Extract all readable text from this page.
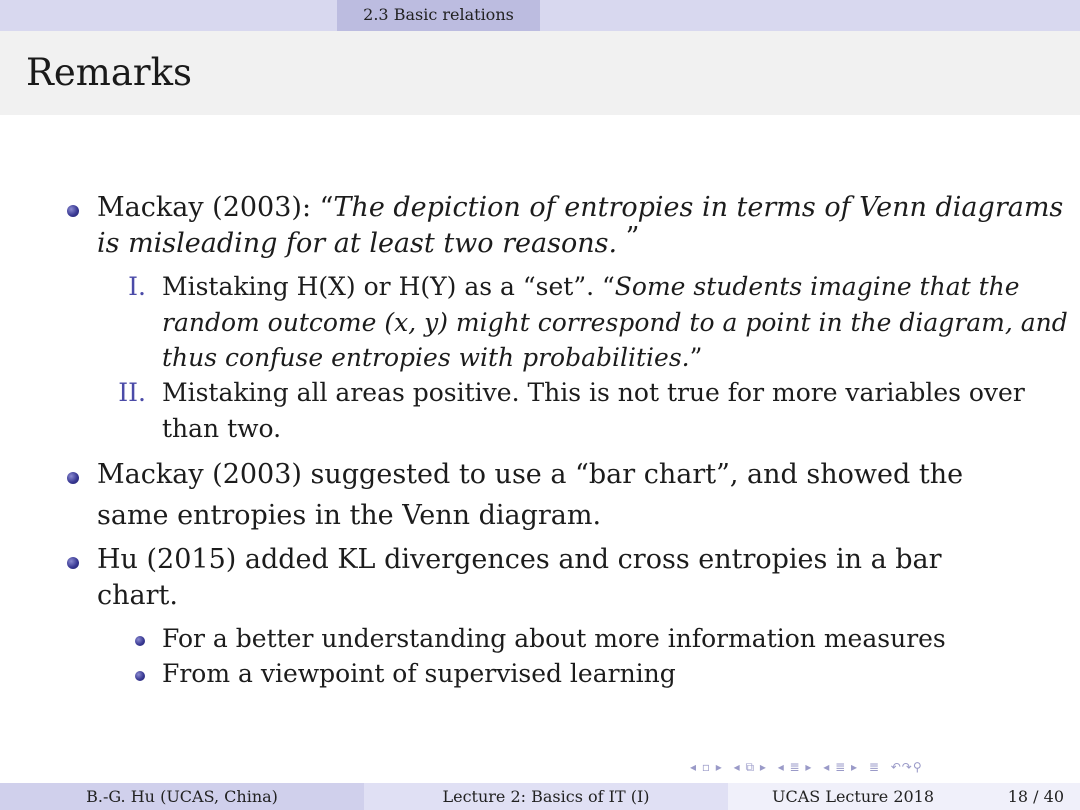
2.3 Basic relations
Remarks
Mackay (2003): “The depiction of entropies in terms of Venn diagrams
is misleading for at least two reasons. ”
I. Mistaking H(X) or H(Y) as a “set”. “Some students imagine that the
random outcome (x, y) might correspond to a point in the diagram, and
thus confuse entropies with probabilities.”
II. Mistaking all areas positive. This is not true for more variables over
than two.
Mackay (2003) suggested to use a “bar chart”, and showed the
same entropies in the Venn diagram.
Hu (2015) added KL divergences and cross entropies in a bar
chart.
For a better understanding about more information measures
From a viewpoint of supervised learning
◂ ▫ ▸ ◂ ⧉ ▸ ◂ ≣ ▸ ◂ ≣ ▸ ≣ ↶↷⚲
B.-G. Hu (UCAS, China)	Lecture 2: Basics of IT (I)	UCAS Lecture 2018	18 / 40
